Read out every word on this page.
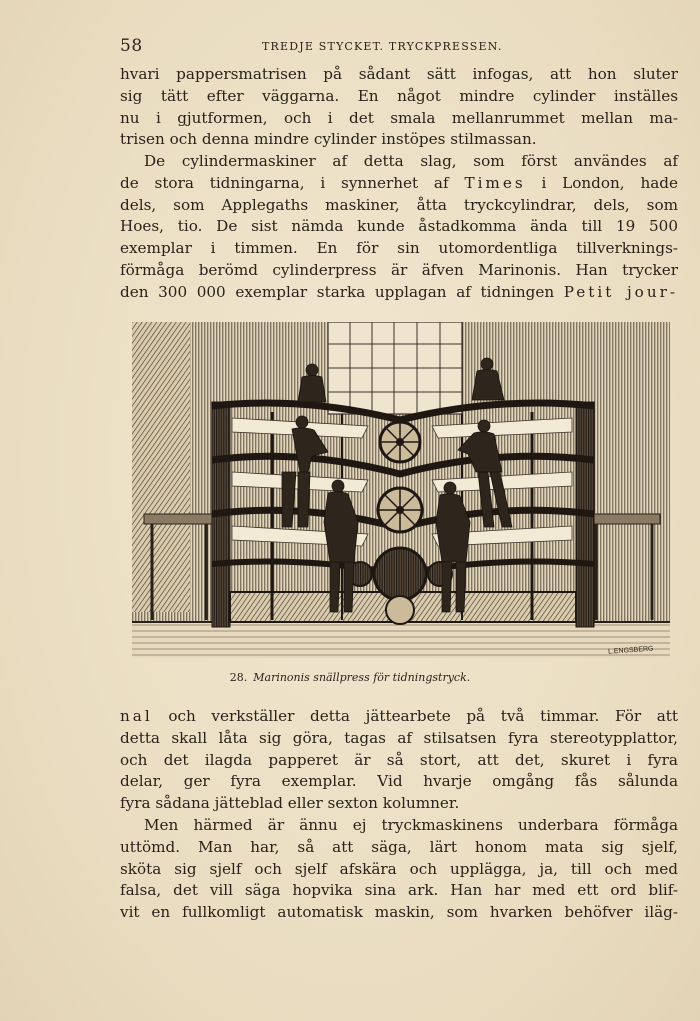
58	TREDJE STYCKET. TRYCKPRESSEN.

hvari pappersmatrisen på sådant sätt infogas, att hon sluter
sig tätt efter väggarna. En något mindre cylinder inställes
nu i gjutformen, och i det smala mellanrummet mellan ma-
trisen och denna mindre cylinder instöpes stilmassan.

De cylindermaskiner af detta slag, som först användes af
de stora tidningarna, i synnerhet af Times i London, hade
dels, som Applegaths maskiner, åtta tryckcylindrar, dels, som
Hoes, tio. De sist nämda kunde åstadkomma ända till 19 500
exemplar i timmen. En för sin utomordentliga tillverknings-
förmåga berömd cylinderpress är äfven Marinonis. Han trycker
den 300 000 exemplar starka upplagan af tidningen Petit jour-

L.ENGSBERG
28. Marinonis snällpress för tidningstryck.

nal och verkställer detta jättearbete på två timmar. För att
detta skall låta sig göra, tagas af stilsatsen fyra stereotypplattor,
och det ilagda papperet är så stort, att det, skuret i fyra
delar, ger fyra exemplar. Vid hvarje omgång fås sålunda
fyra sådana jätteblad eller sexton kolumner.

Men härmed är ännu ej tryckmaskinens underbara förmåga
uttömd. Man har, så att säga, lärt honom mata sig sjelf,
sköta sig sjelf och sjelf afskära och upplägga, ja, till och med
falsa, det vill säga hopvika sina ark. Han har med ett ord blif-
vit en fullkomligt automatisk maskin, som hvarken behöfver iläg-
